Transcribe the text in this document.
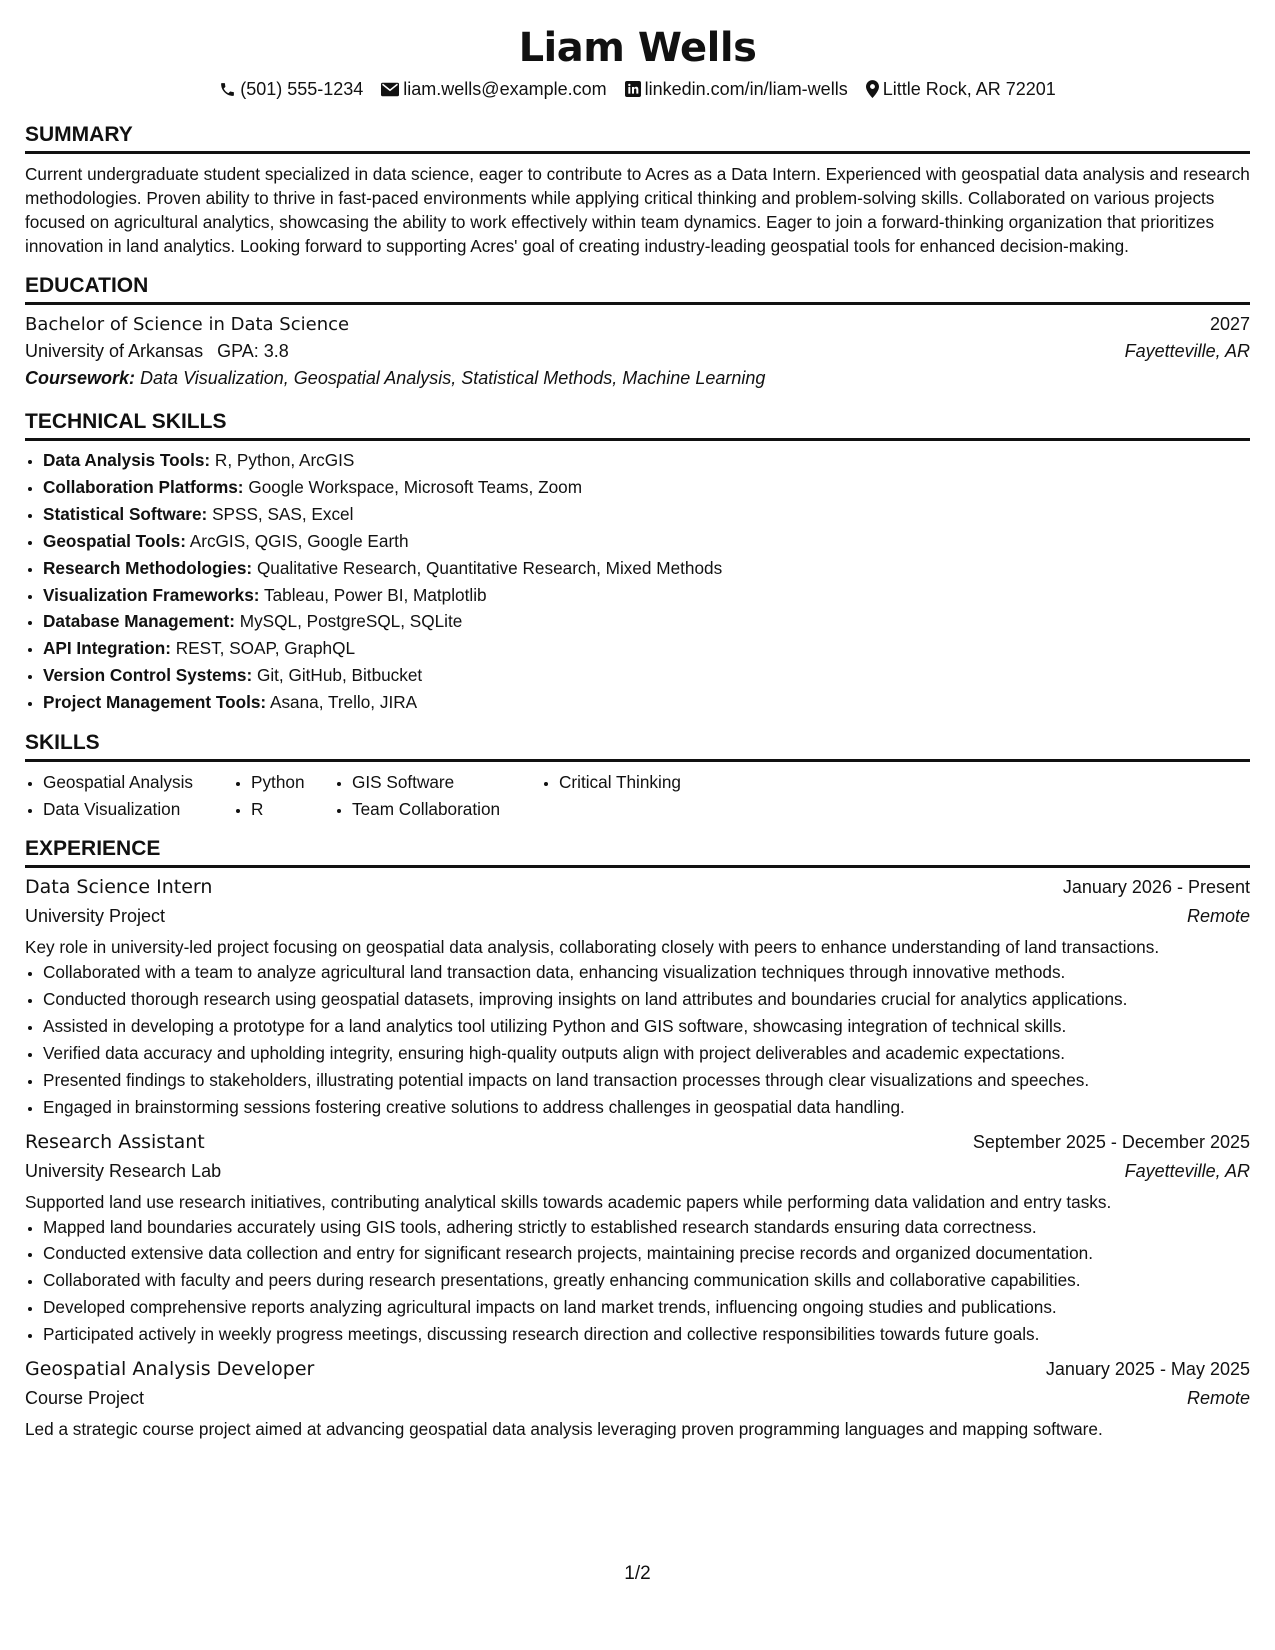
Liam Wells
(501) 555-1234 liam.wells@example.com linkedin.com/in/liam-wells Little Rock, AR 72201
SUMMARY
Current undergraduate student specialized in data science, eager to contribute to Acres as a Data Intern. Experienced with geospatial data analysis and research methodologies. Proven ability to thrive in fast-paced environments while applying critical thinking and problem-solving skills. Collaborated on various projects focused on agricultural analytics, showcasing the ability to work effectively within team dynamics. Eager to join a forward-thinking organization that prioritizes innovation in land analytics. Looking forward to supporting Acres' goal of creating industry-leading geospatial tools for enhanced decision-making.
EDUCATION
Bachelor of Science in Data Science	2027
University of Arkansas GPA: 3.8	Fayetteville, AR
Coursework: Data Visualization, Geospatial Analysis, Statistical Methods, Machine Learning
TECHNICAL SKILLS
• Data Analysis Tools: R, Python, ArcGIS
• Collaboration Platforms: Google Workspace, Microsoft Teams, Zoom
• Statistical Software: SPSS, SAS, Excel
• Geospatial Tools: ArcGIS, QGIS, Google Earth
• Research Methodologies: Qualitative Research, Quantitative Research, Mixed Methods
• Visualization Frameworks: Tableau, Power BI, Matplotlib
• Database Management: MySQL, PostgreSQL, SQLite
• API Integration: REST, SOAP, GraphQL
• Version Control Systems: Git, GitHub, Bitbucket
• Project Management Tools: Asana, Trello, JIRA
SKILLS
• Geospatial Analysis
• Data Visualization
• Python
• R
• GIS Software
• Team Collaboration
• Critical Thinking
EXPERIENCE
Data Science Intern	January 2026 - Present
University Project	Remote
Key role in university-led project focusing on geospatial data analysis, collaborating closely with peers to enhance understanding of land transactions.
• Collaborated with a team to analyze agricultural land transaction data, enhancing visualization techniques through innovative methods.
• Conducted thorough research using geospatial datasets, improving insights on land attributes and boundaries crucial for analytics applications.
• Assisted in developing a prototype for a land analytics tool utilizing Python and GIS software, showcasing integration of technical skills.
• Verified data accuracy and upholding integrity, ensuring high-quality outputs align with project deliverables and academic expectations.
• Presented findings to stakeholders, illustrating potential impacts on land transaction processes through clear visualizations and speeches.
• Engaged in brainstorming sessions fostering creative solutions to address challenges in geospatial data handling.
Research Assistant	September 2025 - December 2025
University Research Lab	Fayetteville, AR
Supported land use research initiatives, contributing analytical skills towards academic papers while performing data validation and entry tasks.
• Mapped land boundaries accurately using GIS tools, adhering strictly to established research standards ensuring data correctness.
• Conducted extensive data collection and entry for significant research projects, maintaining precise records and organized documentation.
• Collaborated with faculty and peers during research presentations, greatly enhancing communication skills and collaborative capabilities.
• Developed comprehensive reports analyzing agricultural impacts on land market trends, influencing ongoing studies and publications.
• Participated actively in weekly progress meetings, discussing research direction and collective responsibilities towards future goals.
Geospatial Analysis Developer	January 2025 - May 2025
Course Project	Remote
Led a strategic course project aimed at advancing geospatial data analysis leveraging proven programming languages and mapping software.
1/2
